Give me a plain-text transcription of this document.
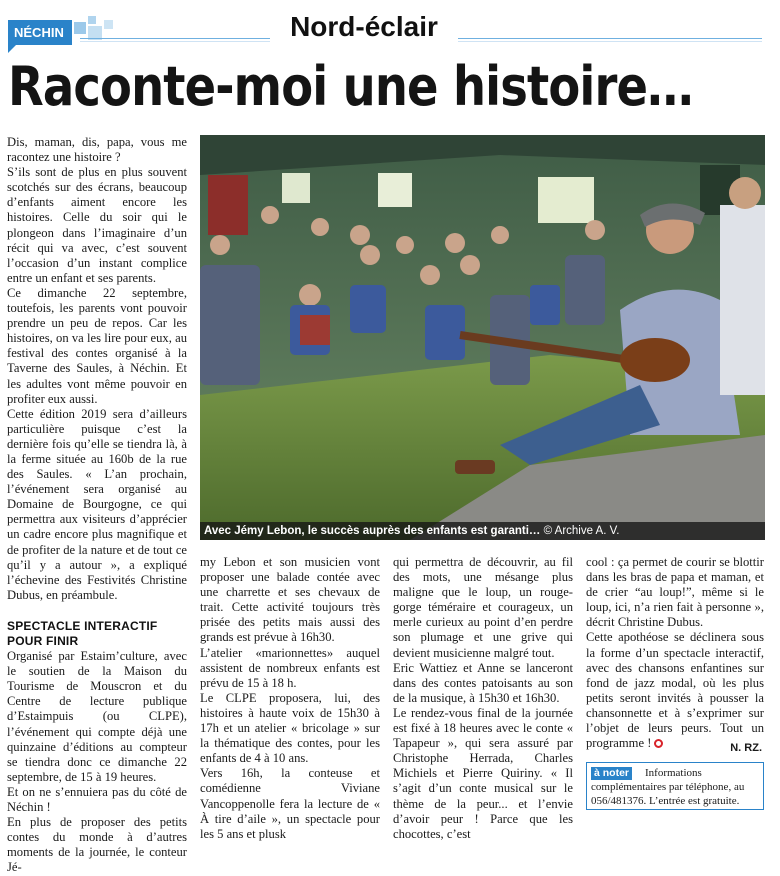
NÉCHIN	Nord-éclair
Raconte-moi une histoire…

Dis, maman, dis, papa, vous me racontez une histoire ?

S’ils sont de plus en plus souvent scotchés sur des écrans, beaucoup d’enfants aiment encore les histoires. Celle du soir qui le plongeon dans l’imaginaire d’un récit qui va avec, c’est souvent l’occasion d’un instant complice entre un enfant et ses parents.

Ce dimanche 22 septembre, toutefois, les parents vont pouvoir prendre un peu de repos. Car les histoires, on va les lire pour eux, au festival des contes organisé à la Taverne des Saules, à Néchin. Et les adultes vont même pouvoir en profiter eux aussi.

Cette édition 2019 sera d’ailleurs particulière puisque c’est la dernière fois qu’elle se tiendra là, à la ferme située au 160b de la rue des Saules. « L’an prochain, l’événement sera organisé au Domaine de Bourgogne, ce qui permettra aux visiteurs d’apprécier un cadre encore plus magnifique et de profiter de la nature et de tout ce qu’il y a autour », a expliqué l’échevine des Festivités Christine Dubus, en préambule.

SPECTACLE INTERACTIF POUR FINIR

Organisé par Estaim’culture, avec le soutien de la Maison du Tourisme de Mouscron et du Centre de lecture publique d’Estaimpuis (ou CLPE), l’événement qui compte déjà une quinzaine d’éditions au compteur se tiendra donc ce dimanche 22 septembre, de 15 à 19 heures.

Et on ne s’ennuiera pas du côté de Néchin !

En plus de proposer des petits contes du monde à d’autres moments de la journée, le conteur Jé-

Avec Jémy Lebon, le succès auprès des enfants est garanti… © Archive A. V.

my Lebon et son musicien vont proposer une balade contée avec une charrette et ses chevaux de trait. Cette activité toujours très prisée des petits mais aussi des grands est prévue à 16h30.

L’atelier «marionnettes» auquel assistent de nombreux enfants est prévu de 15 à 18 h.

Le CLPE proposera, lui, des histoires à haute voix de 15h30 à 17h et un atelier « bricolage » sur la thématique des contes, pour les enfants de 4 à 10 ans.

Vers 16h, la conteuse et comédienne Viviane Vancoppenolle fera la lecture de « À tire d’aile », un spectacle pour les 5 ans et plusk

qui permettra de découvrir, au fil des mots, une mésange plus maligne que le loup, un rouge-gorge téméraire et courageux, un merle curieux au point d’en perdre son plumage et une grive qui devient musicienne malgré tout.

Eric Wattiez et Anne se lanceront dans des contes patoisants au son de la musique, à 15h30 et 16h30.

Le rendez-vous final de la journée est fixé à 18 heures avec le conte « Tapapeur », qui sera assuré par Christophe Herrada, Charles Michiels et Pierre Quiriny. « Il s’agit d’un conte musical sur le thème de la peur... et l’envie d’avoir peur ! Parce que les chocottes, c’est

cool : ça permet de courir se blottir dans les bras de papa et maman, et de crier “au loup!”, même si le loup, ici, n’a rien fait à personne », décrit Christine Dubus.

Cette apothéose se déclinera sous la forme d’un spectacle interactif, avec des chansons enfantines sur fond de jazz modal, où les plus petits seront invités à pousser la chansonnette et à s’exprimer sur l’objet de leurs peurs. Tout un programme !	N. RZ.
à noter	Informations complémentaires par téléphone, au 056/481376. L’entrée est gratuite.
